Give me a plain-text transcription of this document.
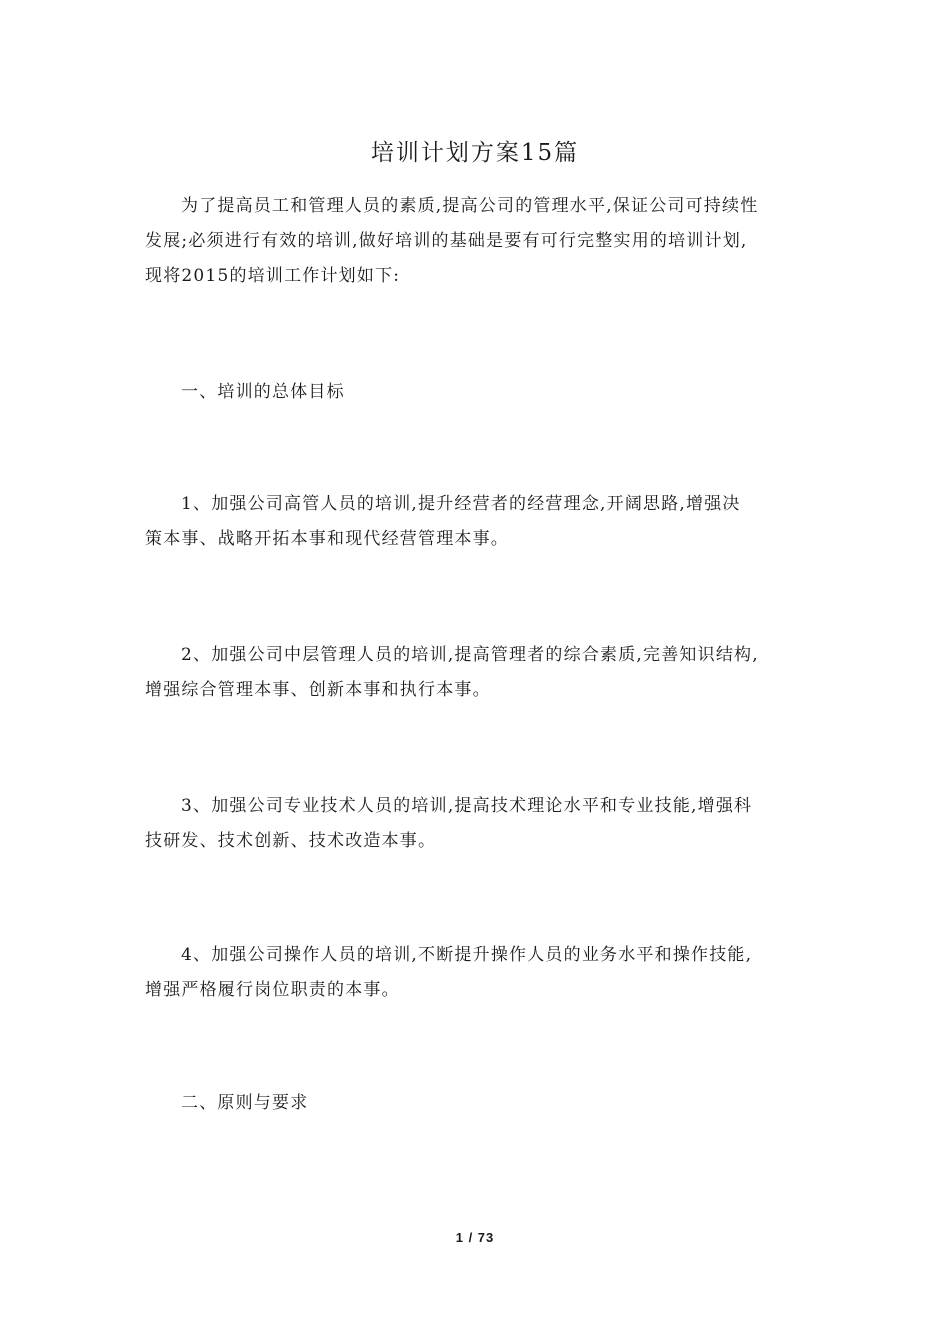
培训计划方案15篇
为了提高员工和管理人员的素质,提高公司的管理水平,保证公司可持续性
发展;必须进行有效的培训,做好培训的基础是要有可行完整实用的培训计划,
现将2015的培训工作计划如下:
一、培训的总体目标
1、加强公司高管人员的培训,提升经营者的经营理念,开阔思路,增强决
策本事、战略开拓本事和现代经营管理本事。
2、加强公司中层管理人员的培训,提高管理者的综合素质,完善知识结构,
增强综合管理本事、创新本事和执行本事。
3、加强公司专业技术人员的培训,提高技术理论水平和专业技能,增强科
技研发、技术创新、技术改造本事。
4、加强公司操作人员的培训,不断提升操作人员的业务水平和操作技能,
增强严格履行岗位职责的本事。
二、原则与要求
1 / 73
